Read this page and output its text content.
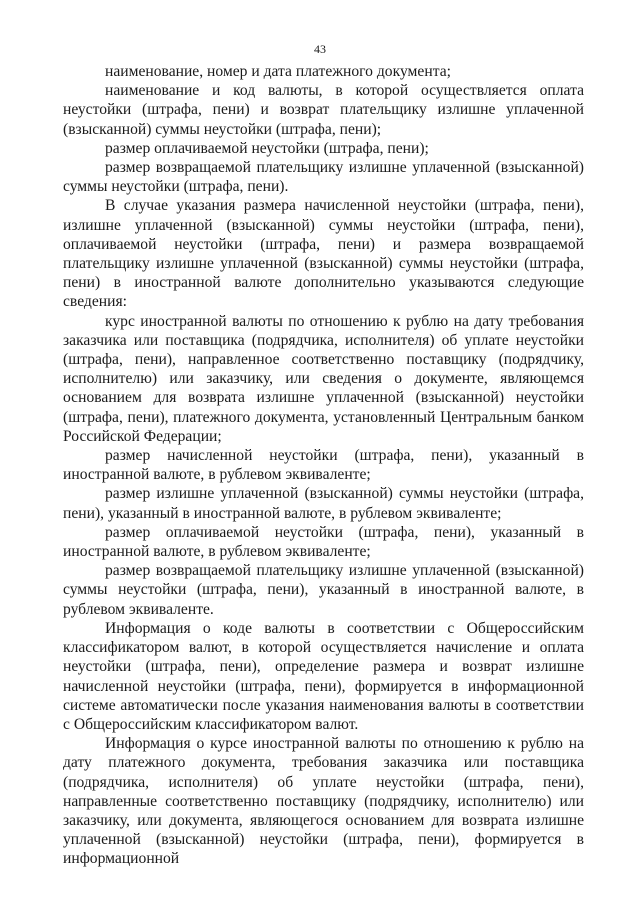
43

наименование, номер и дата платежного документа;

наименование и код валюты, в которой осуществляется оплата неустойки (штрафа, пени) и возврат плательщику излишне уплаченной (взысканной) суммы неустойки (штрафа, пени);

размер оплачиваемой неустойки (штрафа, пени);

размер возвращаемой плательщику излишне уплаченной (взысканной) суммы неустойки (штрафа, пени).

В случае указания размера начисленной неустойки (штрафа, пени), излишне уплаченной (взысканной) суммы неустойки (штрафа, пени), оплачиваемой неустойки (штрафа, пени) и размера возвращаемой плательщику излишне уплаченной (взысканной) суммы неустойки (штрафа, пени) в иностранной валюте дополнительно указываются следующие сведения:

курс иностранной валюты по отношению к рублю на дату требования заказчика или поставщика (подрядчика, исполнителя) об уплате неустойки (штрафа, пени), направленное соответственно поставщику (подрядчику, исполнителю) или заказчику, или сведения о документе, являющемся основанием для возврата излишне уплаченной (взысканной) неустойки (штрафа, пени), платежного документа, установленный Центральным банком Российской Федерации;

размер начисленной неустойки (штрафа, пени), указанный в иностранной валюте, в рублевом эквиваленте;

размер излишне уплаченной (взысканной) суммы неустойки (штрафа, пени), указанный в иностранной валюте, в рублевом эквиваленте;

размер оплачиваемой неустойки (штрафа, пени), указанный в иностранной валюте, в рублевом эквиваленте;

размер возвращаемой плательщику излишне уплаченной (взысканной) суммы неустойки (штрафа, пени), указанный в иностранной валюте, в рублевом эквиваленте.

Информация о коде валюты в соответствии с Общероссийским классификатором валют, в которой осуществляется начисление и оплата неустойки (штрафа, пени), определение размера и возврат излишне начисленной неустойки (штрафа, пени), формируется в информационной системе автоматически после указания наименования валюты в соответствии с Общероссийским классификатором валют.

Информация о курсе иностранной валюты по отношению к рублю на дату платежного документа, требования заказчика или поставщика (подрядчика, исполнителя) об уплате неустойки (штрафа, пени), направленные соответственно поставщику (подрядчику, исполнителю) или заказчику, или документа, являющегося основанием для возврата излишне уплаченной (взысканной) неустойки (штрафа, пени), формируется в информационной
